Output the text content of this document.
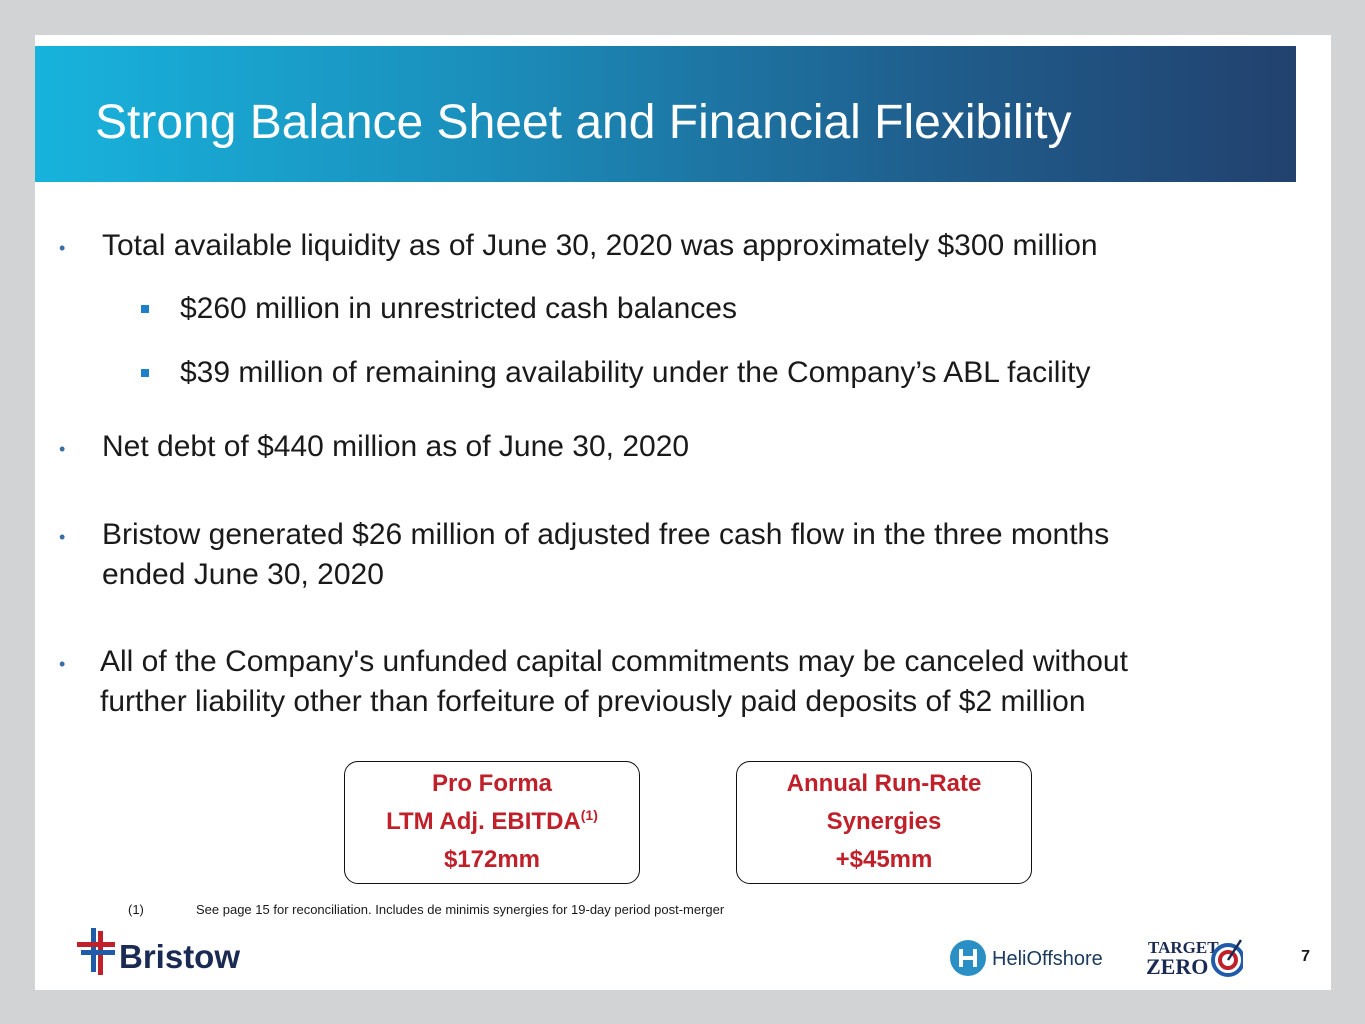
Strong Balance Sheet and Financial Flexibility
• Total available liquidity as of June 30, 2020 was approximately $300 million
$260 million in unrestricted cash balances
$39 million of remaining availability under the Company’s ABL facility
• Net debt of $440 million as of June 30, 2020
• Bristow generated $26 million of adjusted free cash flow in the three months
ended June 30, 2020
• All of the Company's unfunded capital commitments may be canceled without
further liability other than forfeiture of previously paid deposits of $2 million
Pro Forma
LTM Adj. EBITDA$^{(1)}$
$172mm
Annual Run-Rate
Synergies
+$45mm
(1)	See page 15 for reconciliation. Includes de minimis synergies for 19-day period post-merger
Bristow	HeliOffshore
TARGET
ZERO	7
